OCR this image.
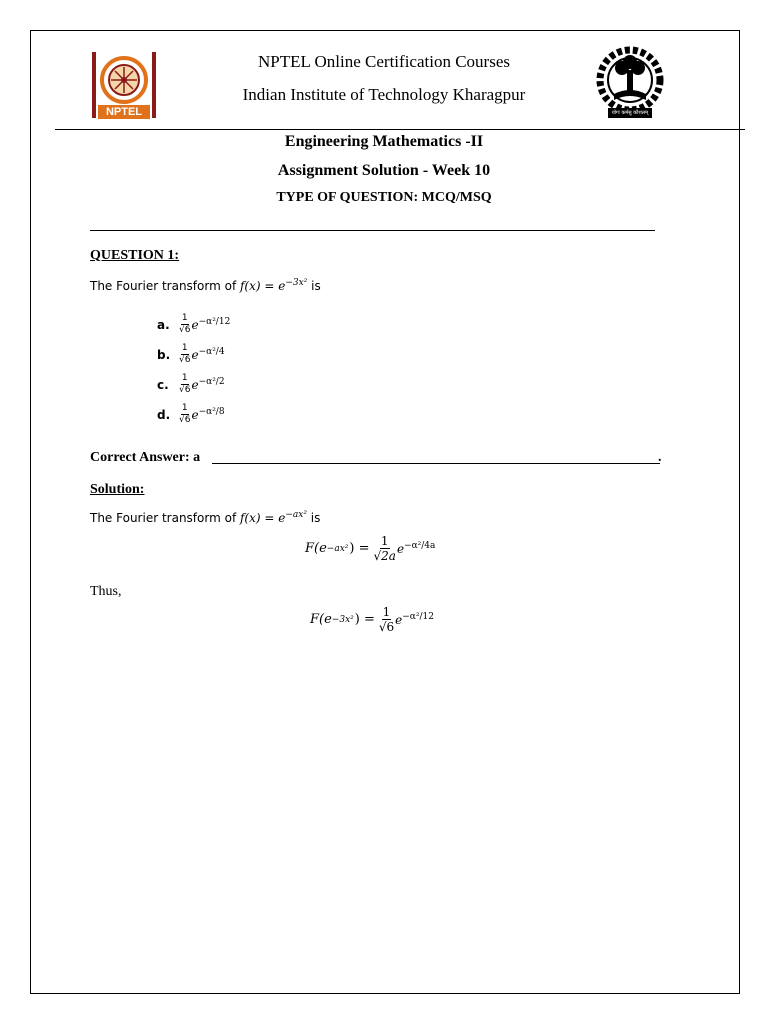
NPTEL
NPTEL Online Certification Courses
Indian Institute of Technology Kharagpur
योगः कर्मसु कौशलम्
Engineering Mathematics -II
Assignment Solution - Week 10
TYPE OF QUESTION: MCQ/MSQ
QUESTION 1:
The Fourier transform of $f(x) = e^{-3x^2}$ is
a.	$\frac{1}{√6} e^{-\alpha^2/12}$
b. $\frac{1}{√6} e^{-\alpha^2/4}$
c.	$\frac{1}{√6} e^{-\alpha^2/2}$
d. $\frac{1}{√6} e^{-\alpha^2/8}$
Correct Answer: a	.
Solution:
The Fourier transform of $f(x) = e^{-ax^2}$ is
F(e −ax² ) = $\frac{1}{√2a} e^{-\alpha^2/4a}$
Thus,
F(e −3x² ) = $\frac{1}{√6} e^{-\alpha^2/12}$
